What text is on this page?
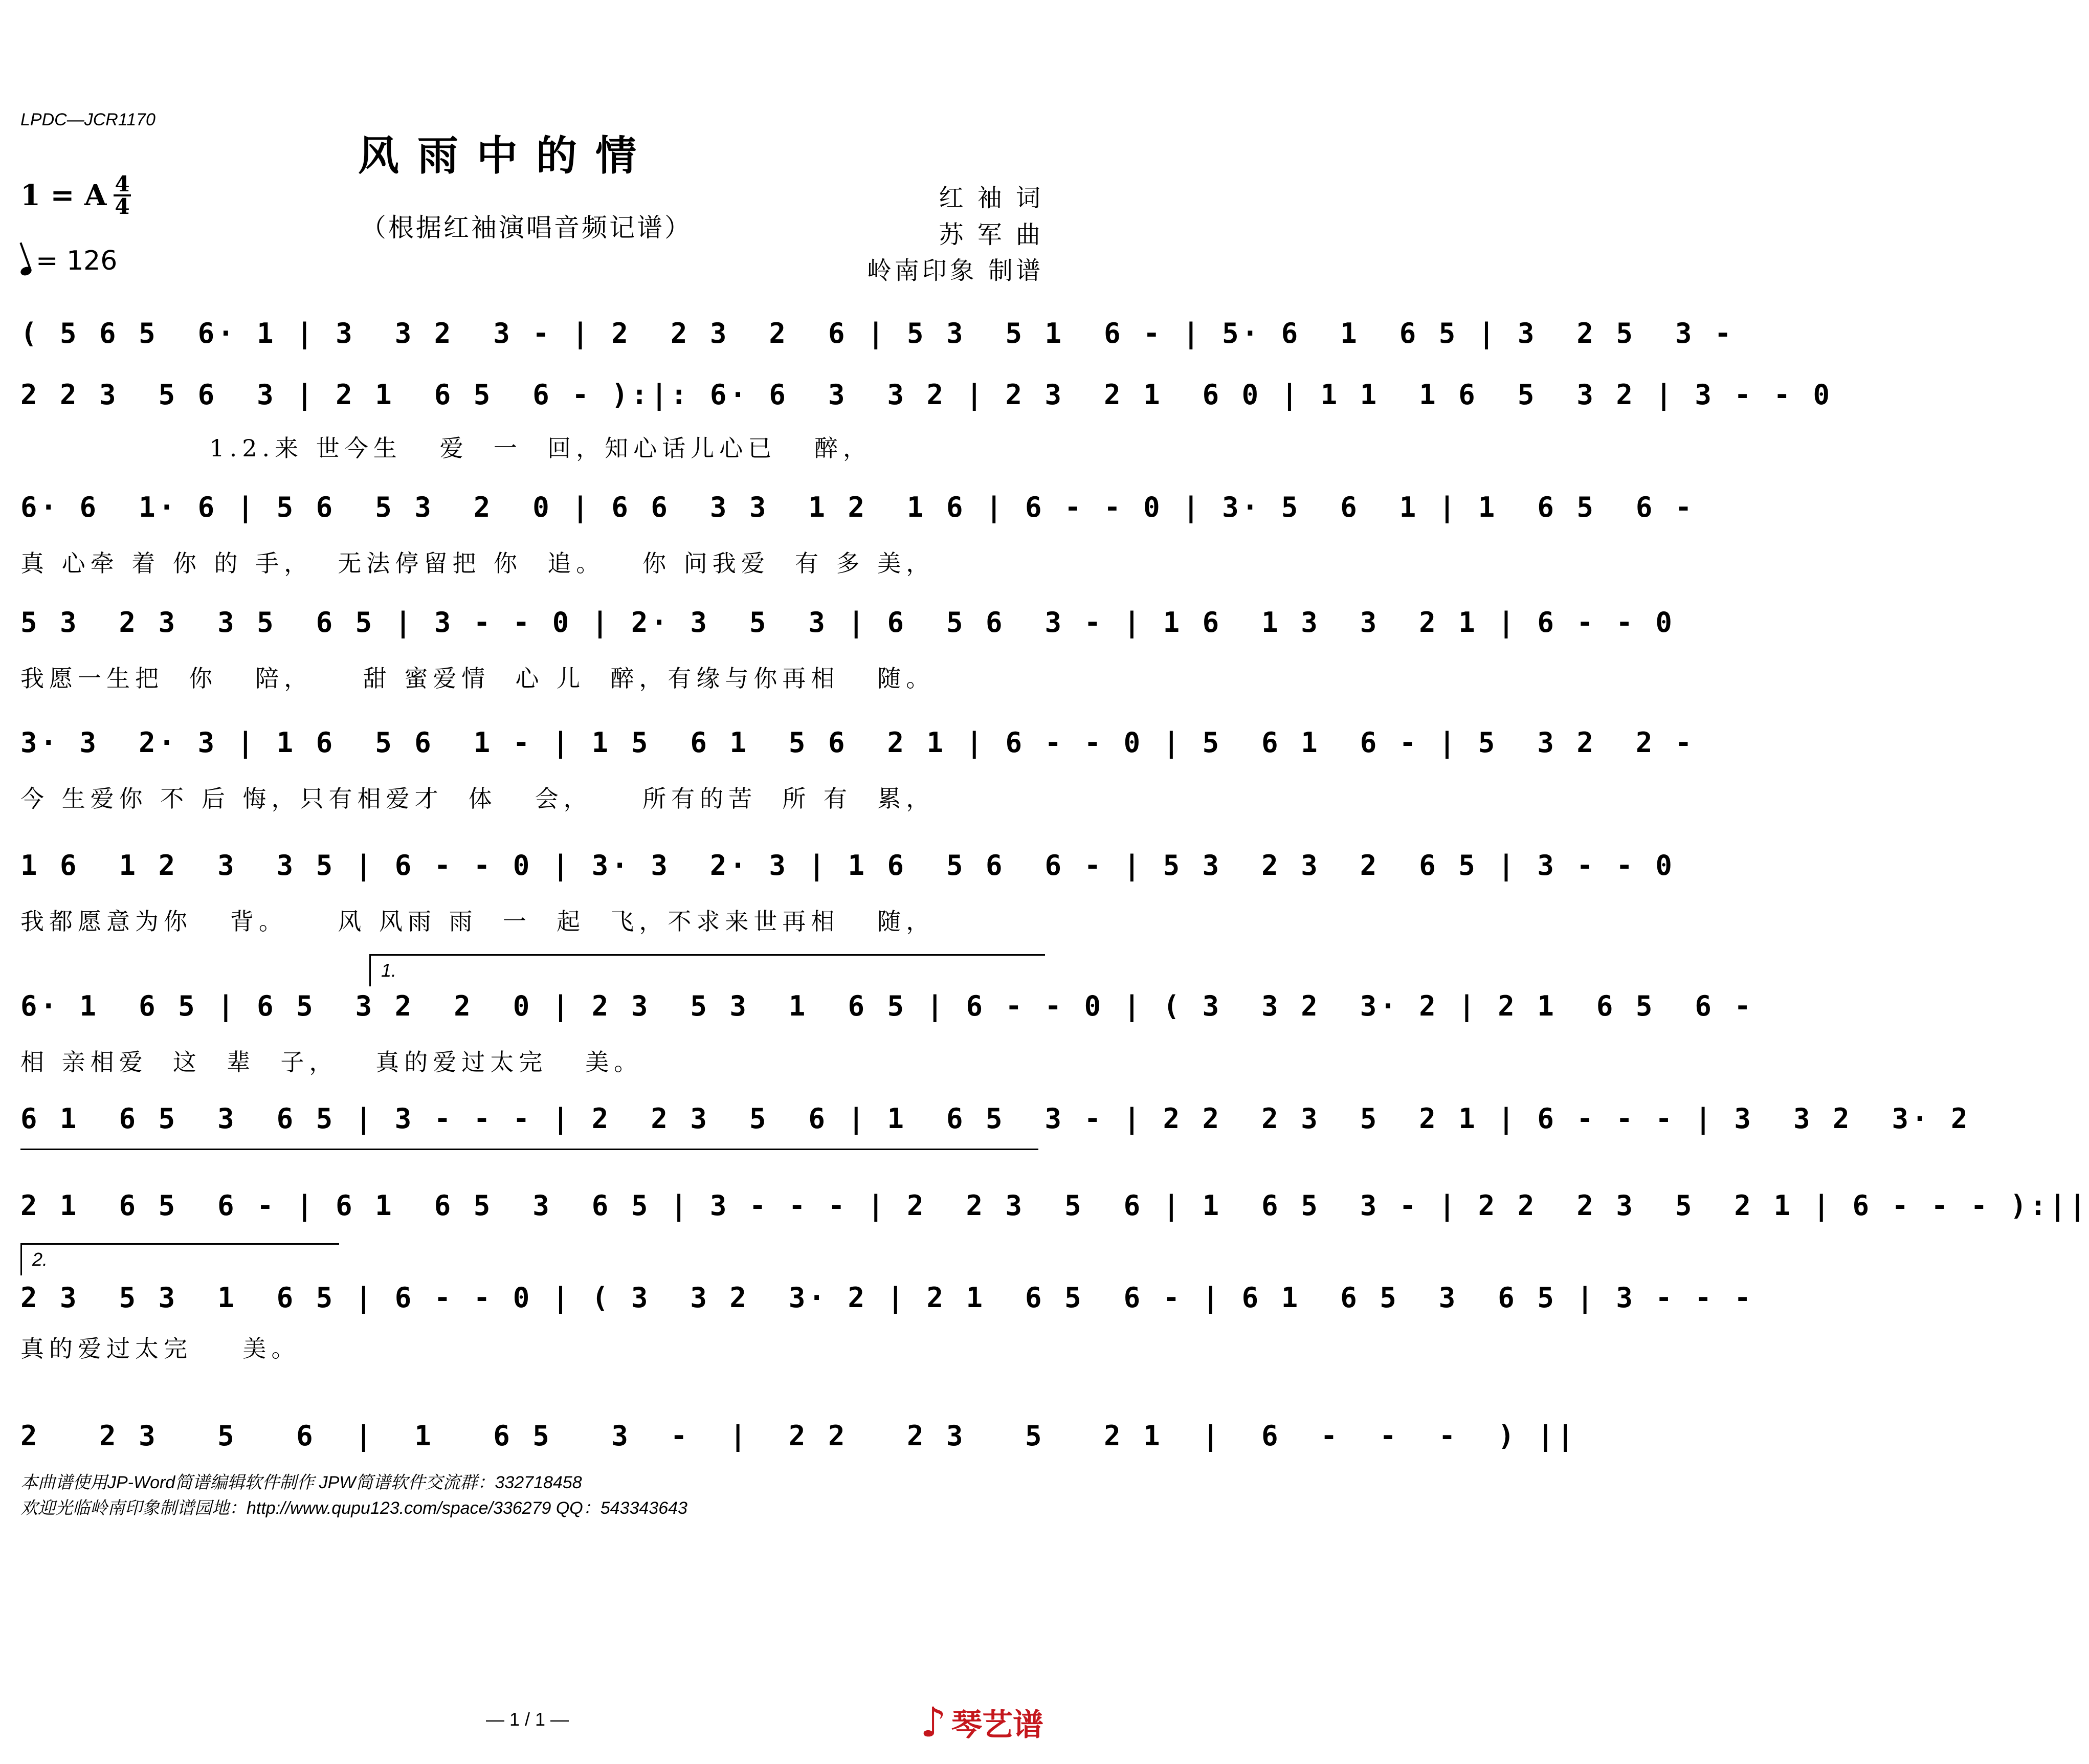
LPDC—JCR1170
风雨中的情
（根据红袖演唱音频记谱）
1 = A $\frac{4}{4}$
= 126
红 袖 词
苏 军 曲
岭南印象 制谱
( 5 6 5  6· 1 | 3  3 2  3 - | 2  2 3  2  6 | 5 3  5 1  6 - | 5· 6  1  6 5 | 3  2 5  3 -
2 2 3  5 6  3 | 2 1  6 5  6 - ):|: 6· 6  3  3 2 | 2 3  2 1  6 0 | 1 1  1 6  5  3 2 | 3 - - 0
1.2.来 世今生   爱  一  回，知心话儿心已   醉，
6· 6  1· 6 | 5 6  5 3  2  0 | 6 6  3 3  1 2  1 6 | 6 - - 0 | 3· 5  6  1 | 1  6 5  6 -
真 心牵 着 你 的 手，  无法停留把 你  追。   你 问我爱  有 多 美，
5 3  2 3  3 5  6 5 | 3 - - 0 | 2· 3  5  3 | 6  5 6  3 - | 1 6  1 3  3  2 1 | 6 - - 0
我愿一生把  你   陪，    甜 蜜爱情  心 儿  醉，有缘与你再相   随。
3· 3  2· 3 | 1 6  5 6  1 - | 1 5  6 1  5 6  2 1 | 6 - - 0 | 5  6 1  6 - | 5  3 2  2 -
今 生爱你 不 后 悔，只有相爱才  体   会，    所有的苦  所 有  累，
1 6  1 2  3  3 5 | 6 - - 0 | 3· 3  2· 3 | 1 6  5 6  6 - | 5 3  2 3  2  6 5 | 3 - - 0
我都愿意为你   背。    风 风雨 雨  一  起  飞，不求来世再相   随，
1.
6· 1  6 5 | 6 5  3 2  2  0 | 2 3  5 3  1  6 5 | 6 - - 0 | ( 3  3 2  3· 2 | 2 1  6 5  6 -
相 亲相爱  这  辈  子，   真的爱过太完   美。
6 1  6 5  3  6 5 | 3 - - - | 2  2 3  5  6 | 1  6 5  3 - | 2 2  2 3  5  2 1 | 6 - - - | 3  3 2  3· 2
2 1  6 5  6 - | 6 1  6 5  3  6 5 | 3 - - - | 2  2 3  5  6 | 1  6 5  3 - | 2 2  2 3  5  2 1 | 6 - - - ):||
2.
2 3  5 3  1  6 5 | 6 - - 0 | ( 3  3 2  3· 2 | 2 1  6 5  6 - | 6 1  6 5  3  6 5 | 3 - - -
真的爱过太完    美。
2   2 3   5   6  |  1   6 5   3  -  |  2 2   2 3   5   2 1  |  6  -  -  -  ) ||
本曲谱使用JP-Word简谱编辑软件制作 JPW简谱软件交流群：332718458
欢迎光临岭南印象制谱园地：http://www.qupu123.com/space/336279 QQ：543343643
— 1 / 1 —	♪ 琴艺谱
